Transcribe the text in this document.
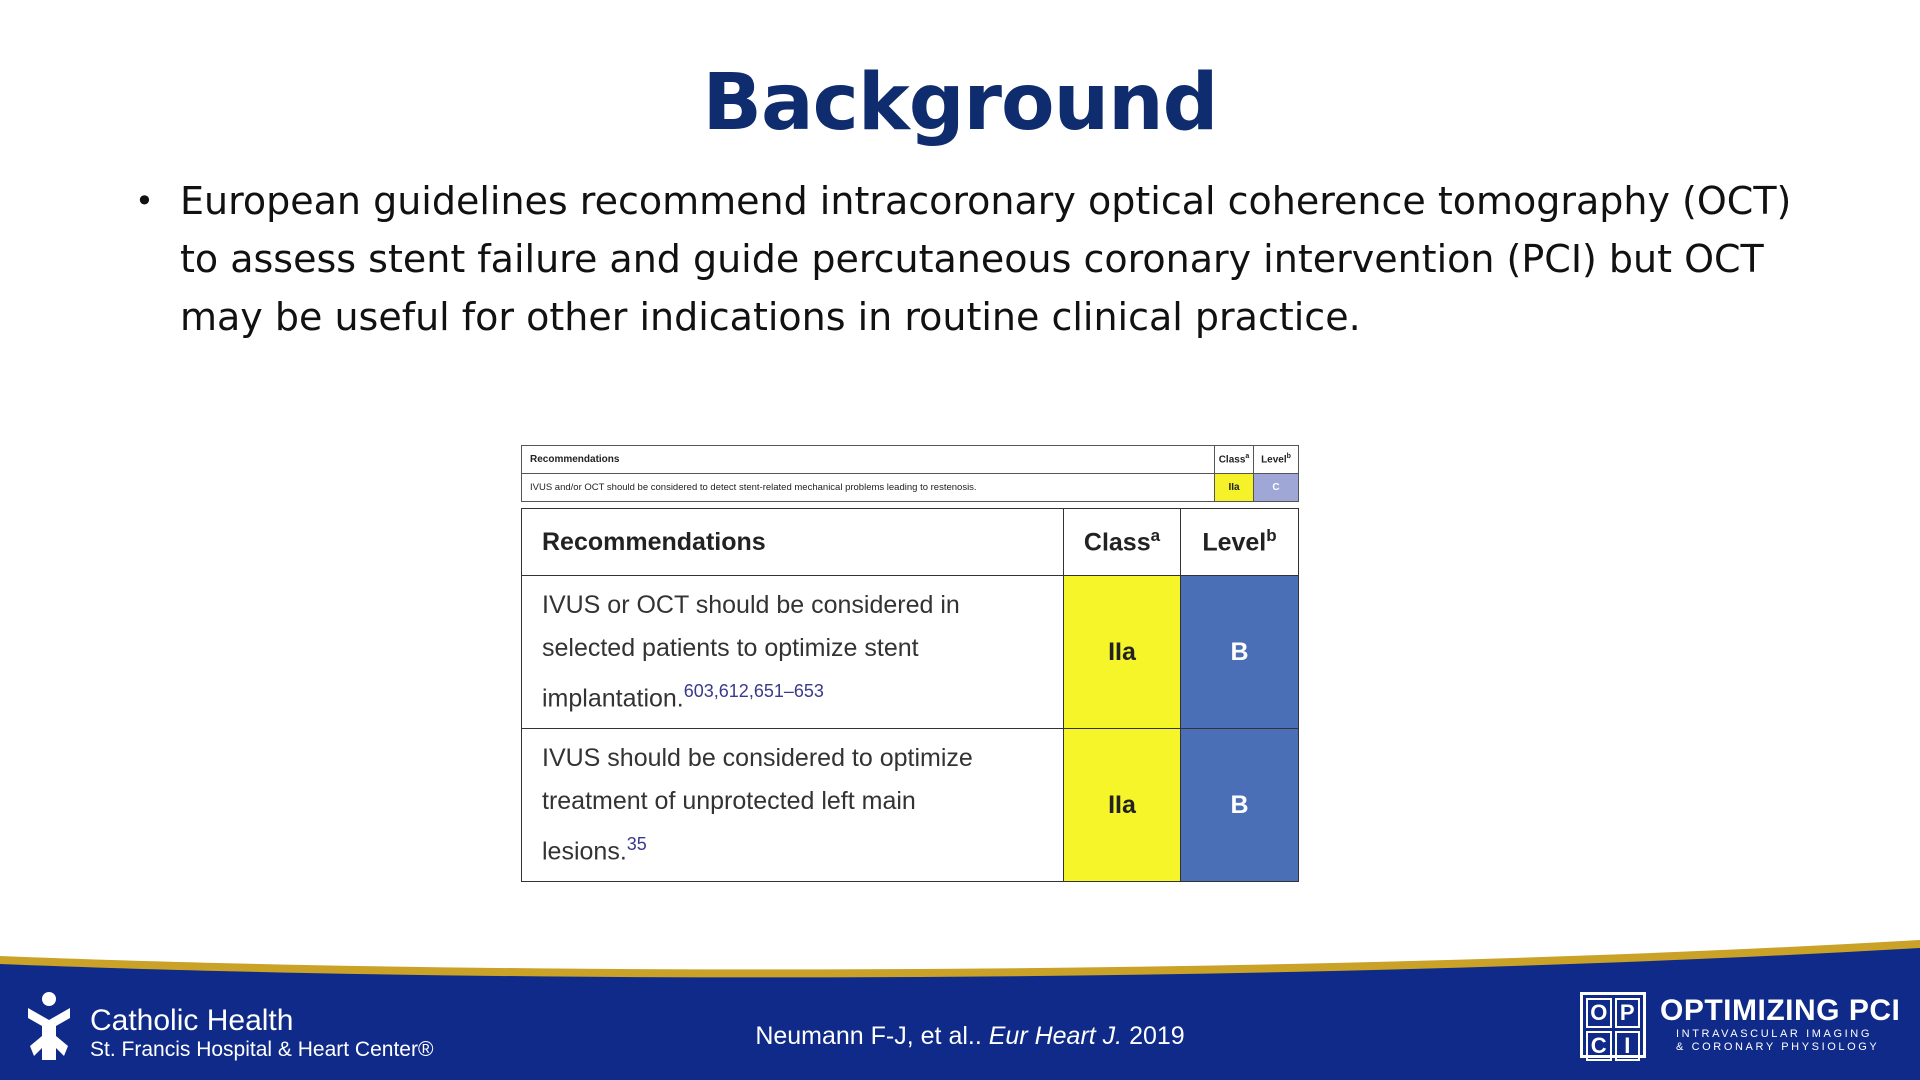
Background
• European guidelines recommend intracoronary optical coherence tomography (OCT) to assess stent failure and guide percutaneous coronary intervention (PCI) but OCT may be useful for other indications in routine clinical practice.
Recommendations	Class$^a$	Level$^b$
IVUS and/or OCT should be considered to detect stent-related mechanical problems leading to restenosis.	IIa	C
Recommendations	Class$^a$	Level$^b$
IVUS or OCT should be considered in
selected patients to optimize stent
implantation.$^{603,612,651-653}$	IIa	B
IVUS should be considered to optimize
treatment of unprotected left main
lesions.$^{35}$	IIa	B
Catholic Health
St. Francis Hospital & Heart Center®	Neumann F-J, et al.. Eur Heart J. 2019
O P
C I
OPTIMIZING PCI
INTRAVASCULAR IMAGING
& CORONARY PHYSIOLOGY
